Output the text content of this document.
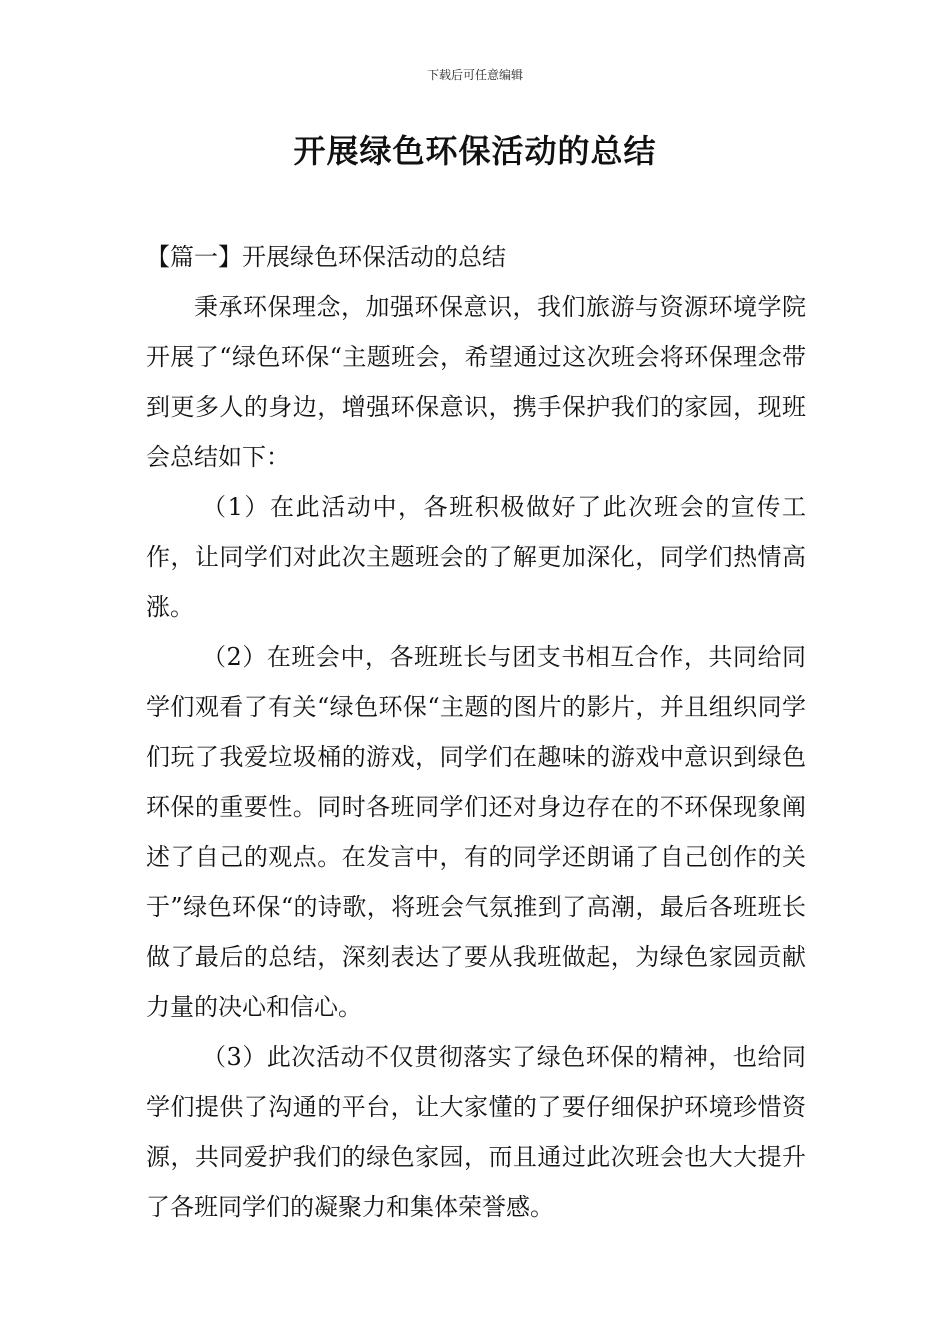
下载后可任意编辑
开展绿色环保活动的总结

【篇一】开展绿色环保活动的总结

秉承环保理念，加强环保意识，我们旅游与资源环境学院开展了“绿色环保“主题班会，希望通过这次班会将环保理念带到更多人的身边，增强环保意识，携手保护我们的家园，现班会总结如下：

（1）在此活动中，各班积极做好了此次班会的宣传工作，让同学们对此次主题班会的了解更加深化，同学们热情高涨。

（2）在班会中，各班班长与团支书相互合作，共同给同学们观看了有关“绿色环保“主题的图片的影片，并且组织同学们玩了我爱垃圾桶的游戏，同学们在趣味的游戏中意识到绿色环保的重要性。同时各班同学们还对身边存在的不环保现象阐述了自己的观点。在发言中，有的同学还朗诵了自己创作的关于”绿色环保“的诗歌，将班会气氛推到了高潮，最后各班班长做了最后的总结，深刻表达了要从我班做起，为绿色家园贡献力量的决心和信心。

（3）此次活动不仅贯彻落实了绿色环保的精神，也给同学们提供了沟通的平台，让大家懂的了要仔细保护环境珍惜资源，共同爱护我们的绿色家园，而且通过此次班会也大大提升了各班同学们的凝聚力和集体荣誉感。
